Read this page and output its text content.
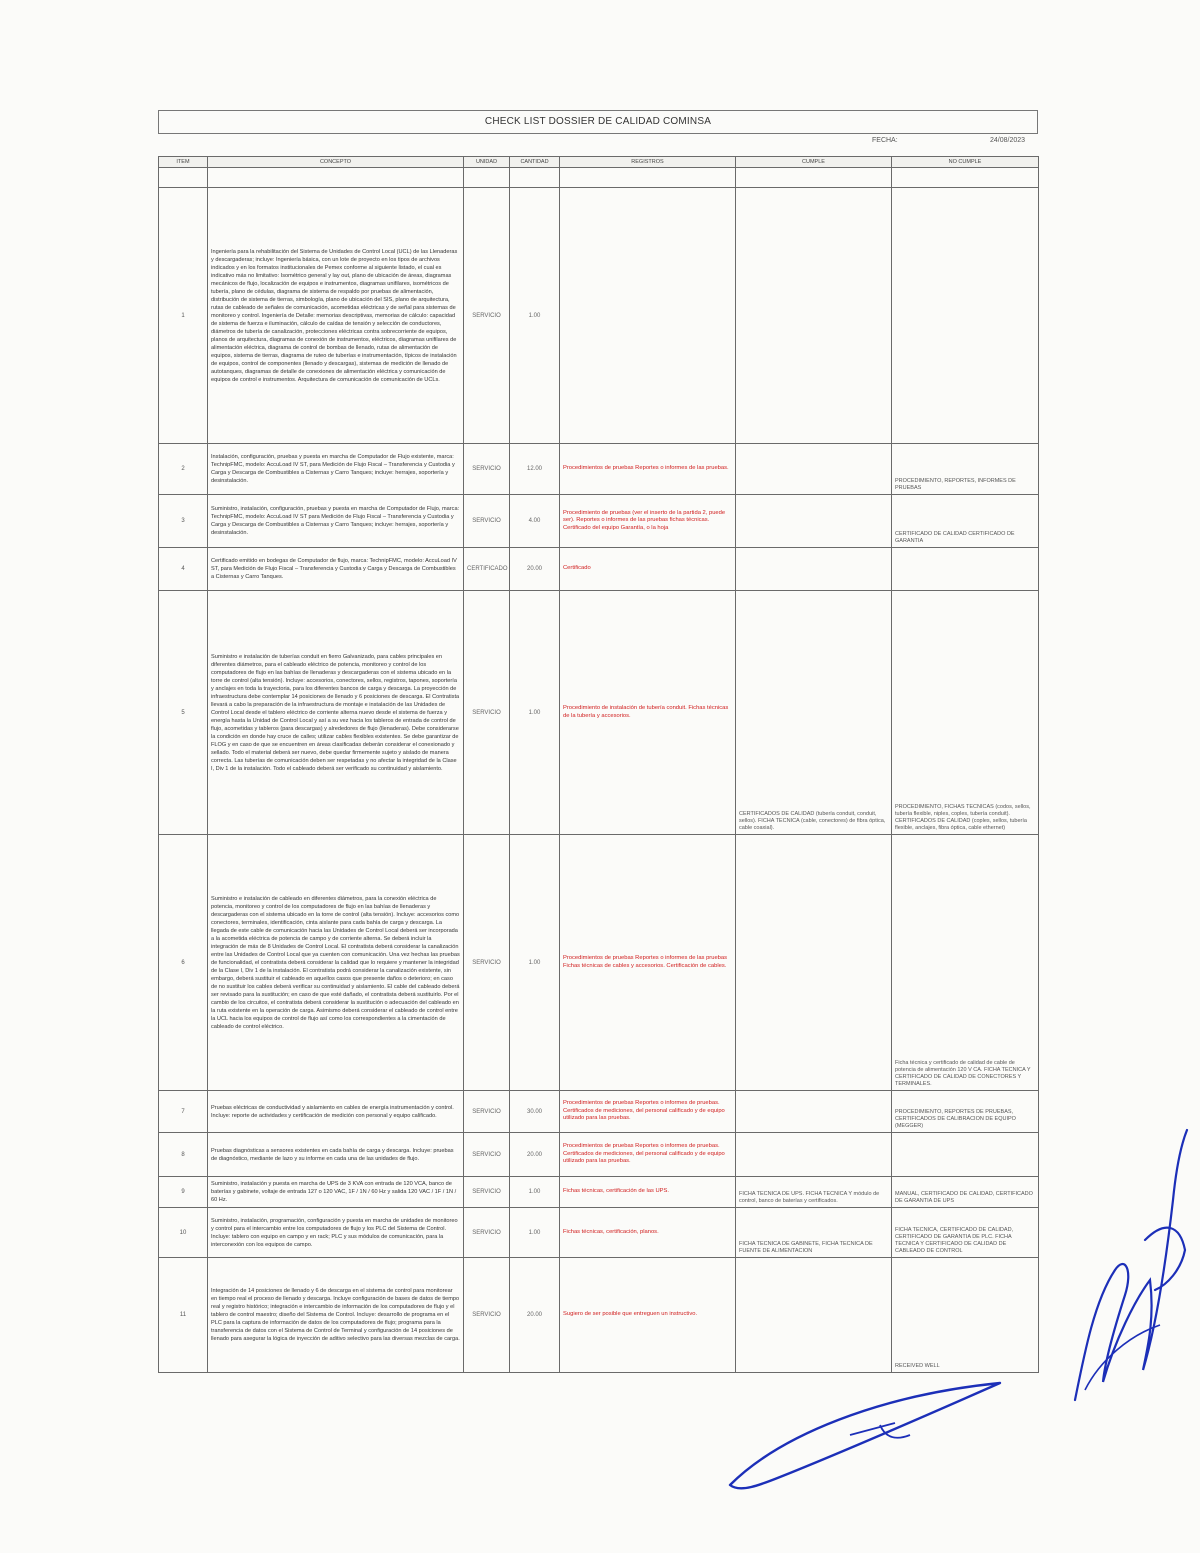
CHECK LIST DOSSIER DE CALIDAD COMINSA
FECHA:	24/08/2023
ITEM	CONCEPTO	UNIDAD	CANTIDAD	REGISTROS	CUMPLE	NO CUMPLE

1	Ingeniería para la rehabilitación del Sistema de Unidades de Control Local (UCL) de las Llenaderas y descargaderas; incluye: Ingeniería básica, con un lote de proyecto en los tipos de archivos indicados y en los formatos institucionales de Pemex conforme al siguiente listado, el cual es indicativo más no limitativo: Isométrico general y lay out, plano de ubicación de áreas, diagramas mecánicos de flujo, localización de equipos e instrumentos, diagramas unifilares, isométricos de tubería, plano de cédulas, diagrama de sistema de respaldo por pruebas de alimentación, distribución de sistema de tierras, simbología, plano de ubicación del SIS, plano de arquitectura, rutas de cableado de señales de comunicación, acometidas eléctricas y de señal para sistemas de monitoreo y control. Ingeniería de Detalle: memorias descriptivas, memorias de cálculo: capacidad de sistema de fuerza e iluminación, cálculo de caídas de tensión y selección de conductores, diámetros de tubería de canalización, protecciones eléctricas contra sobrecorriente de equipos, planos de arquitectura, diagramas de conexión de instrumentos, eléctricos, diagramas unifilares de alimentación eléctrica, diagrama de control de bombas de llenado, rutas de alimentación de equipos, sistema de tierras, diagrama de ruteo de tuberías e instrumentación, típicos de instalación de equipos, control de componentes (llenado y descargas), sistemas de medición de llenado de autotanques, diagramas de detalle de conexiones de alimentación eléctrica y comunicación de equipos de control e instrumentos. Arquitectura de comunicación de comunicación de UCLs.	SERVICIO	1.00			
2	Instalación, configuración, pruebas y puesta en marcha de Computador de Flujo existente, marca: TechnipFMC, modelo: AccuLoad IV ST, para Medición de Flujo Fiscal – Transferencia y Custodia y Carga y Descarga de Combustibles a Cisternas y Carro Tanques; incluye: herrajes, soportería y desinstalación.	SERVICIO	12.00	Procedimientos de pruebas Reportes o informes de las pruebas.		PROCEDIMIENTO, REPORTES, INFORMES DE PRUEBAS
3	Suministro, instalación, configuración, pruebas y puesta en marcha de Computador de Flujo, marca: TechnipFMC, modelo: AccuLoad IV ST para Medición de Flujo Fiscal – Transferencia y Custodia y Carga y Descarga de Combustibles a Cisternas y Carro Tanques; incluye: herrajes, soportería y desinstalación.	SERVICIO	4.00	Procedimiento de pruebas (ver el inserto de la partida 2, puede ser). Reportes o informes de las pruebas fichas técnicas. Certificado del equipo Garantía, o la hoja		CERTIFICADO DE CALIDAD CERTIFICADO DE GARANTIA
4	Certificado emitido en bodegas de Computador de flujo, marca: TechnipFMC, modelo: AccuLoad IV ST, para Medición de Flujo Fiscal – Transferencia y Custodia y Carga y Descarga de Combustibles a Cisternas y Carro Tanques.	CERTIFICADO	20.00	Certificado		
5	Suministro e instalación de tuberías conduit en fierro Galvanizado, para cables principales en diferentes diámetros, para el cableado eléctrico de potencia, monitoreo y control de los computadores de flujo en las bahías de llenaderas y descargaderas con el sistema ubicado en la torre de control (alta tensión). Incluye: accesorios, conectores, sellos, registros, tapones, soportería y anclajes en toda la trayectoria, para los diferentes bancos de carga y descarga. La proyección de infraestructura debe contemplar 14 posiciones de llenado y 6 posiciones de descarga. El Contratista llevará a cabo la preparación de la infraestructura de montaje e instalación de las Unidades de Control Local desde el tablero eléctrico de corriente alterna nuevo desde el sistema de fuerza y energía hasta la Unidad de Control Local y así a su vez hacia los tableros de entrada de control de flujo, acometidas y tableros (para descargas) y alrededores de flujo (llenaderas). Debe considerarse la condición en donde hay cruce de calles; utilizar cables flexibles existentes. Se debe garantizar de FLOG y en caso de que se encuentren en áreas clasificadas deberán considerar el conexionado y sellado. Todo el material deberá ser nuevo, debe quedar firmemente sujeto y aislado de manera correcta. Las tuberías de comunicación deben ser respetadas y no afectar la integridad de la Clase I, Div 1 de la instalación. Todo el cableado deberá ser verificado su continuidad y aislamiento.	SERVICIO	1.00	Procedimiento de instalación de tubería conduit. Fichas técnicas de la tubería y accesorios.	CERTIFICADOS DE CALIDAD (tubería conduit, conduit, sellos). FICHA TECNICA (cable, conectores) de fibra óptica, cable coaxial).	PROCEDIMIENTO, FICHAS TECNICAS (codos, sellos, tubería flexible, niples, coples, tubería conduit). CERTIFICADOS DE CALIDAD (coples, sellos, tubería flexible, anclajes, fibra óptica, cable ethernet)
6	Suministro e instalación de cableado en diferentes diámetros, para la conexión eléctrica de potencia, monitoreo y control de los computadores de flujo en las bahías de llenaderas y descargaderas con el sistema ubicado en la torre de control (alta tensión). Incluye: accesorios como conectores, terminales, identificación, cinta aislante para cada bahía de carga y descarga. La llegada de este cable de comunicación hacia las Unidades de Control Local deberá ser incorporada a la acometida eléctrica de potencia de campo y de corriente alterna. Se deberá incluir la integración de más de 8 Unidades de Control Local. El contratista deberá considerar la canalización entre las Unidades de Control Local que ya cuenten con comunicación. Una vez hechas las pruebas de funcionalidad, el contratista deberá considerar la calidad que lo requiere y mantener la integridad de la Clase I, Div 1 de la instalación. El contratista podrá considerar la canalización existente, sin embargo, deberá sustituir el cableado en aquellos casos que presente daños o deterioro; en caso de no sustituir los cables deberá verificar su continuidad y aislamiento. El cable del cableado deberá ser revisado para la sustitución; en caso de que esté dañado, el contratista deberá sustituirlo. Por el cambio de los circuitos, el contratista deberá considerar la sustitución o adecuación del cableado en la ruta existente en la operación de carga. Asimismo deberá considerar el cableado de control entre la UCL hacia los equipos de control de flujo así como los correspondientes a la cimentación de cableado de control eléctrico.	SERVICIO	1.00	Procedimientos de pruebas Reportes o informes de las pruebas Fichas técnicas de cables y accesorios. Certificación de cables.		Ficha técnica y certificado de calidad de cable de potencia de alimentación 120 V CA. FICHA TECNICA Y CERTIFICADO DE CALIDAD DE CONECTORES Y TERMINALES.
7	Pruebas eléctricas de conductividad y aislamiento en cables de energía instrumentación y control. Incluye: reporte de actividades y certificación de medición con personal y equipo calificado.	SERVICIO	30.00	Procedimientos de pruebas Reportes o informes de pruebas. Certificados de mediciones, del personal calificado y de equipo utilizado para las pruebas.		PROCEDIMIENTO, REPORTES DE PRUEBAS, CERTIFICADOS DE CALIBRACION DE EQUIPO (MEGGER)
8	Pruebas diagnósticas a sensores existentes en cada bahía de carga y descarga. Incluye: pruebas de diagnóstico, mediante de lazo y su informe en cada una de las unidades de flujo.	SERVICIO	20.00	Procedimientos de pruebas Reportes o informes de pruebas. Certificados de mediciones, del personal calificado y de equipo utilizado para las pruebas.		
9	Suministro, instalación y puesta en marcha de UPS de 3 KVA con entrada de 120 VCA, banco de baterías y gabinete, voltaje de entrada 127 o 120 VAC, 1F / 1N / 60 Hz y salida 120 VAC / 1F / 1N / 60 Hz.	SERVICIO	1.00	Fichas técnicas, certificación de las UPS.	FICHA TECNICA DE UPS. FICHA TECNICA Y módulo de control, banco de baterías y certificados.	MANUAL, CERTIFICADO DE CALIDAD, CERTIFICADO DE GARANTIA DE UPS
10	Suministro, instalación, programación, configuración y puesta en marcha de unidades de monitoreo y control para el intercambio entre los computadores de flujo y los PLC del Sistema de Control. Incluye: tablero con equipo en campo y en rack; PLC y sus módulos de comunicación, para la interconexión con los equipos de campo.	SERVICIO	1.00	Fichas técnicas, certificación, planos.	FICHA TECNICA DE GABINETE, FICHA TECNICA DE FUENTE DE ALIMENTACION	FICHA TECNICA, CERTIFICADO DE CALIDAD, CERTIFICADO DE GARANTIA DE PLC. FICHA TECNICA Y CERTIFICADO DE CALIDAD DE CABLEADO DE CONTROL
11	Integración de 14 posiciones de llenado y 6 de descarga en el sistema de control para monitorear en tiempo real el proceso de llenado y descarga. Incluye configuración de bases de datos de tiempo real y registro histórico; integración e intercambio de información de los computadores de flujo y el tablero de control maestro; diseño del Sistema de Control. Incluye: desarrollo de programa en el PLC para la captura de información de datos de los computadores de flujo; programa para la transferencia de datos con el Sistema de Control de Terminal y configuración de 14 posiciones de llenado para asegurar la lógica de inyección de aditivo selectivo para las diversas mezclas de carga.	SERVICIO	20.00	Sugiero de ser posible que entreguen un instructivo.		RECEIVED WELL
